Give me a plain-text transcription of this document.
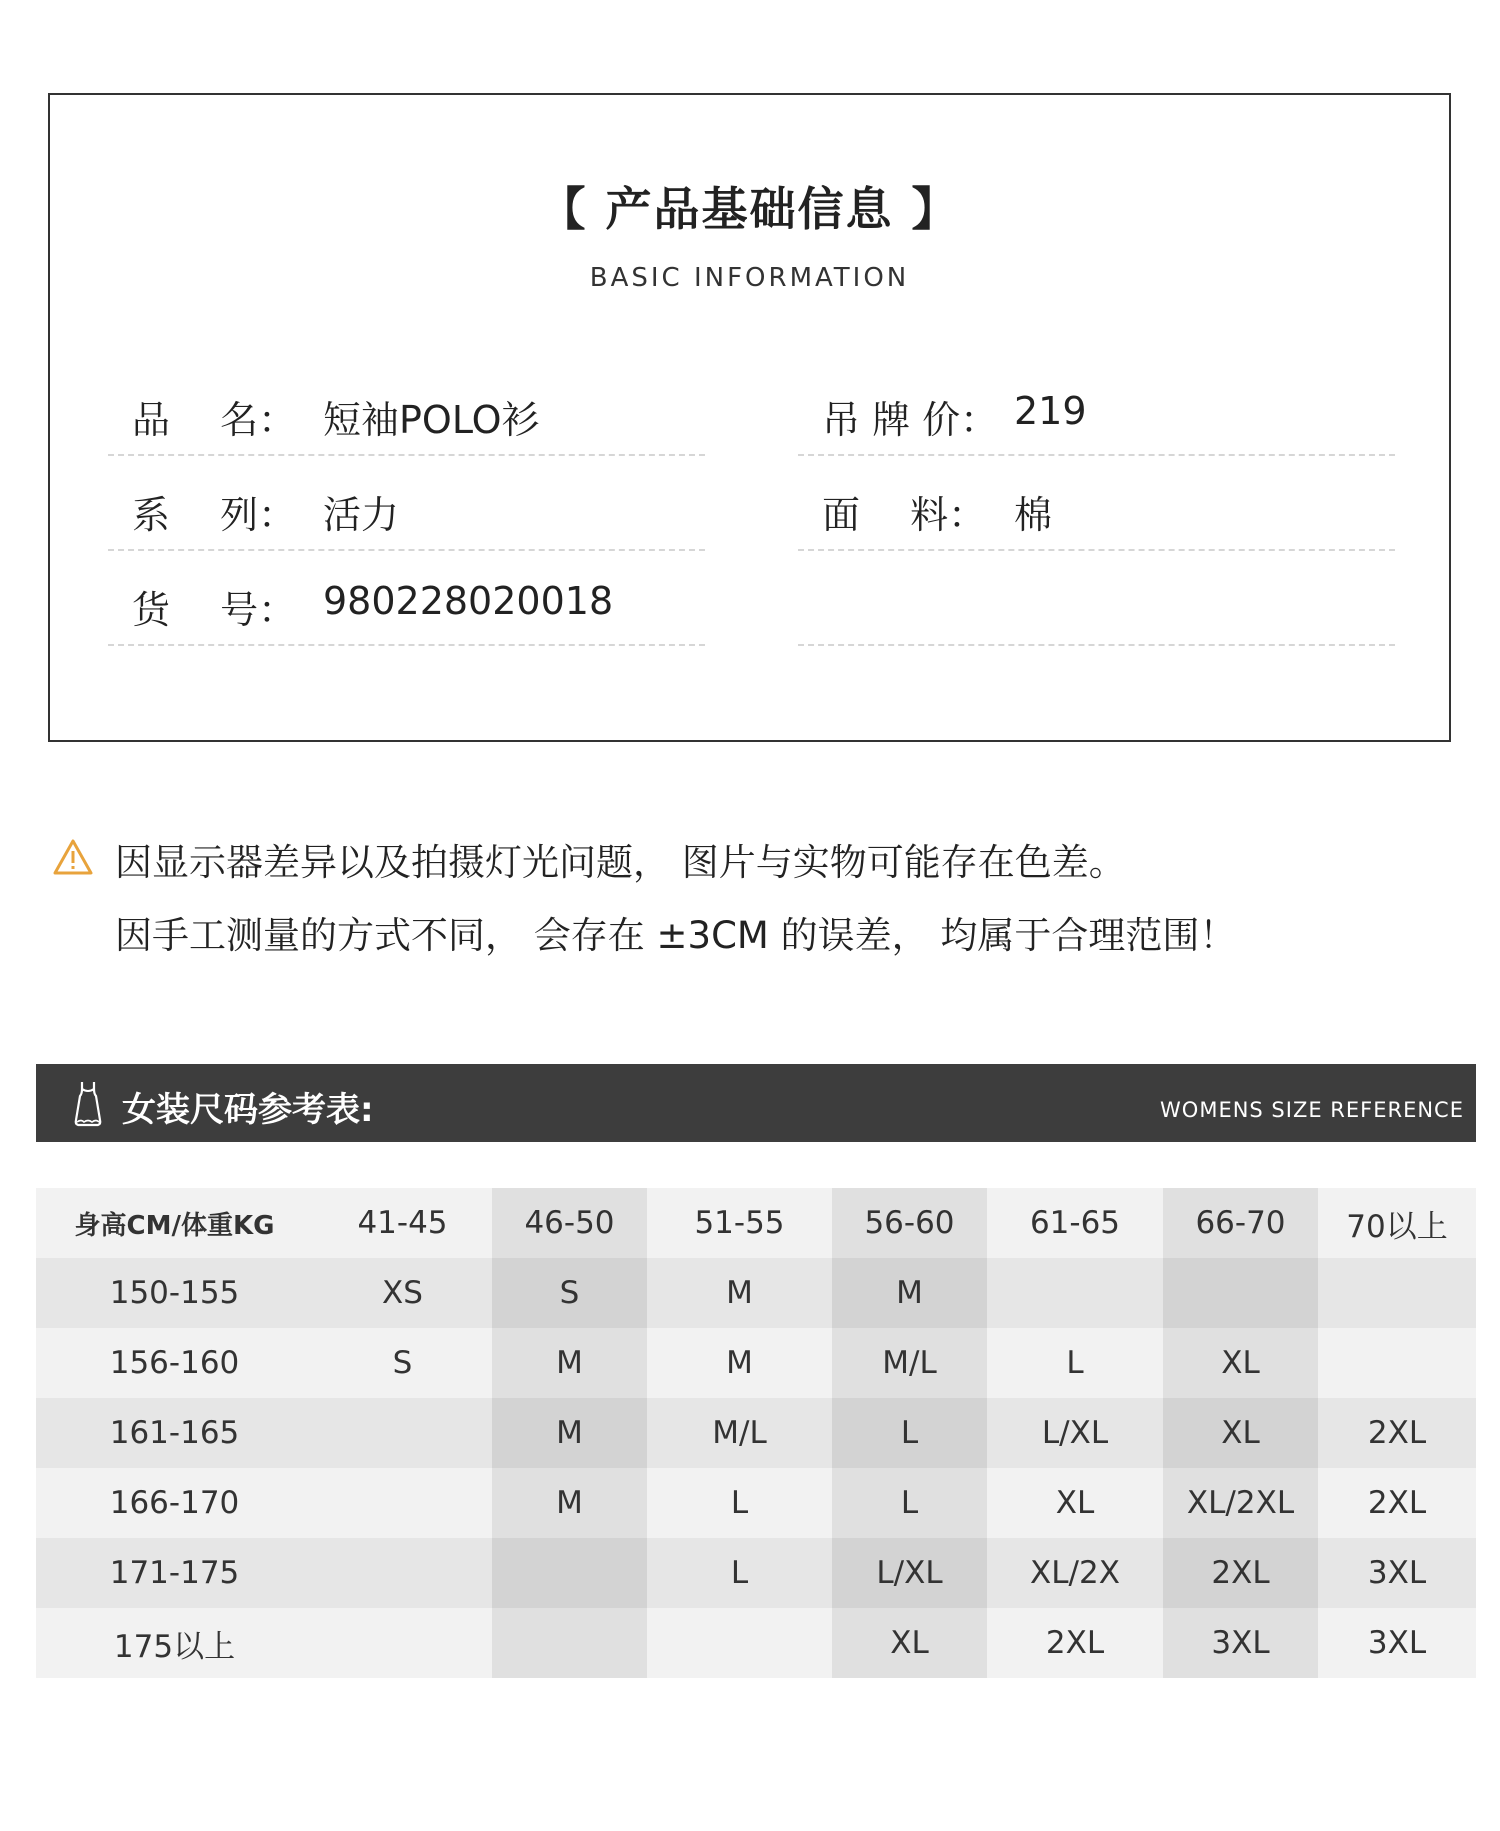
【 产品基础信息 】
BASIC INFORMATION
品　 名： 短袖POLO衫
系　 列： 活力
货　 号： 980228020018
吊 牌 价： 219
面　 料： 棉
因显示器差异以及拍摄灯光问题， 图片与实物可能存在色差。
因手工测量的方式不同， 会存在 ±3CM 的误差， 均属于合理范围！
女装尺码参考表:	WOMENS SIZE REFERENCE
身高CM/体重KG	41-45	46-50	51-55	56-60	61-65	66-70	70以上
150-155	XS	S	M	M			
156-160	S	M	M	M/L	L	XL	
161-165		M	M/L	L	L/XL	XL	2XL
166-170		M	L	L	XL	XL/2XL	2XL
171-175			L	L/XL	XL/2X	2XL	3XL
175以上				XL	2XL	3XL	3XL
